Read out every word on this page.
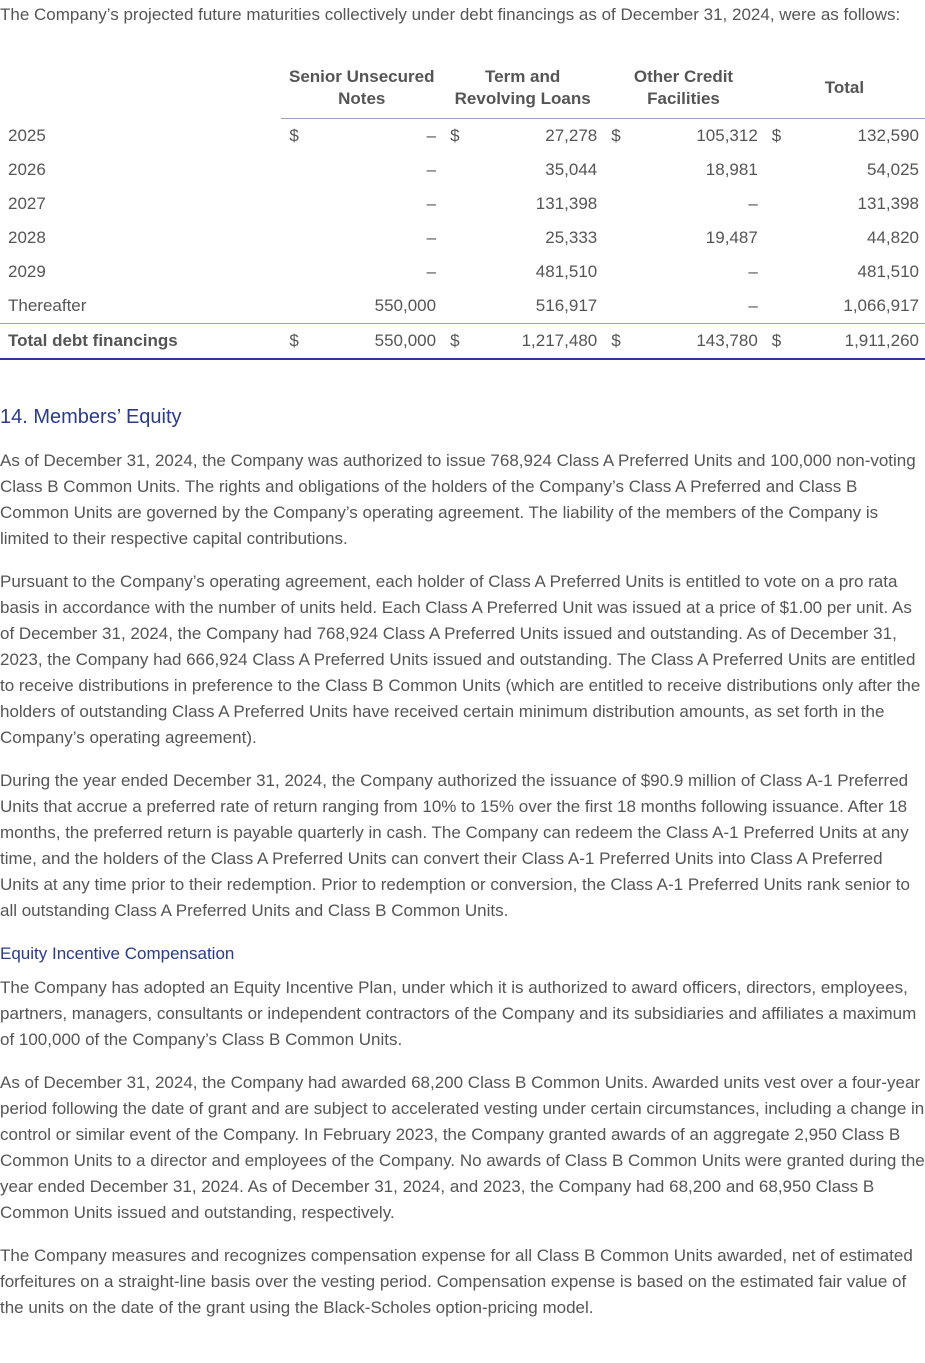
The Company’s projected future maturities collectively under debt financings as of December 31, 2024, were as follows:

	Senior Unsecured Notes		Term and Revolving Loans		Other Credit Facilities		Total	
2025	$	–	$	27,278	$	105,312	$	132,590
2026		–		35,044		18,981		54,025
2027		–		131,398		–		131,398
2028		–		25,333		19,487		44,820
2029		–		481,510		–		481,510
Thereafter		550,000		516,917		–		1,066,917
Total debt financings	$	550,000	$	1,217,480	$	143,780	$	1,911,260
14. Members’ Equity

As of December 31, 2024, the Company was authorized to issue 768,924 Class A Preferred Units and 100,000 non-voting Class B Common Units. The rights and obligations of the holders of the Company’s Class A Preferred and Class B Common Units are governed by the Company’s operating agreement. The liability of the members of the Company is limited to their respective capital contributions.

Pursuant to the Company’s operating agreement, each holder of Class A Preferred Units is entitled to vote on a pro rata basis in accordance with the number of units held. Each Class A Preferred Unit was issued at a price of $1.00 per unit. As of December 31, 2024, the Company had 768,924 Class A Preferred Units issued and outstanding. As of December 31, 2023, the Company had 666,924 Class A Preferred Units issued and outstanding. The Class A Preferred Units are entitled to receive distributions in preference to the Class B Common Units (which are entitled to receive distributions only after the holders of outstanding Class A Preferred Units have received certain minimum distribution amounts, as set forth in the Company’s operating agreement).

During the year ended December 31, 2024, the Company authorized the issuance of $90.9 million of Class A-1 Preferred Units that accrue a preferred rate of return ranging from 10% to 15% over the first 18 months following issuance. After 18 months, the preferred return is payable quarterly in cash. The Company can redeem the Class A-1 Preferred Units at any time, and the holders of the Class A Preferred Units can convert their Class A-1 Preferred Units into Class A Preferred Units at any time prior to their redemption. Prior to redemption or conversion, the Class A-1 Preferred Units rank senior to all outstanding Class A Preferred Units and Class B Common Units.

Equity Incentive Compensation

The Company has adopted an Equity Incentive Plan, under which it is authorized to award officers, directors, employees, partners, managers, consultants or independent contractors of the Company and its subsidiaries and affiliates a maximum of 100,000 of the Company’s Class B Common Units.

As of December 31, 2024, the Company had awarded 68,200 Class B Common Units. Awarded units vest over a four-year period following the date of grant and are subject to accelerated vesting under certain circumstances, including a change in control or similar event of the Company. In February 2023, the Company granted awards of an aggregate 2,950 Class B Common Units to a director and employees of the Company. No awards of Class B Common Units were granted during the year ended December 31, 2024. As of December 31, 2024, and 2023, the Company had 68,200 and 68,950 Class B Common Units issued and outstanding, respectively.

The Company measures and recognizes compensation expense for all Class B Common Units awarded, net of estimated forfeitures on a straight-line basis over the vesting period. Compensation expense is based on the estimated fair value of the units on the date of the grant using the Black-Scholes option-pricing model.
